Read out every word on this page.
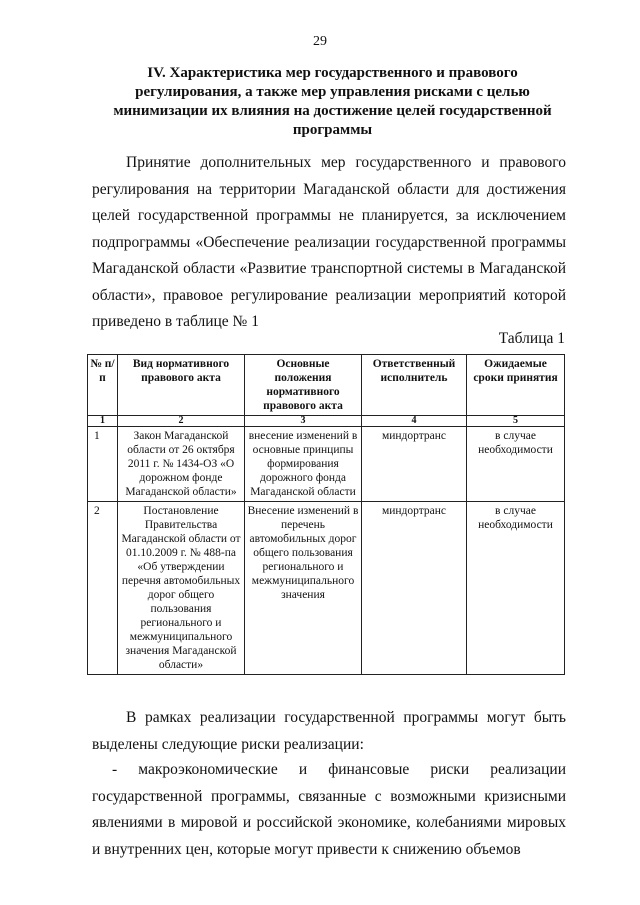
29
IV. Характеристика мер государственного и правового регулирования, а также мер управления рисками с целью минимизации их влияния на достижение целей государственной программы

Принятие дополнительных мер государственного и правового регулирования на территории Магаданской области для достижения целей государственной программы не планируется, за исключением подпрограммы «Обеспечение реализации государственной программы Магаданской области «Развитие транспортной системы в Магаданской области», правовое регулирование реализации мероприятий которой приведено в таблице № 1

Таблица 1
№ п/п	Вид нормативного правового акта	Основные положения нормативного правового акта	Ответственный исполнитель	Ожидаемые сроки принятия
1	2	3	4	5
1	Закон Магаданской области от 26 октября 2011 г. № 1434-ОЗ «О дорожном фонде Магаданской области»	внесение изменений в основные принципы формирования дорожного фонда Магаданской области	миндортранс	в случае необходимости
2	Постановление Правительства Магаданской области от 01.10.2009 г. № 488-па «Об утверждении перечня автомобильных дорог общего пользования регионального и межмуниципального значения Магаданской области»	Внесение изменений в перечень автомобильных дорог общего пользования регионального и межмуниципального значения	миндортранс	в случае необходимости

В рамках реализации государственной программы могут быть выделены следующие риски реализации:

- макроэкономические и финансовые риски реализации государственной программы, связанные с возможными кризисными явлениями в мировой и российской экономике, колебаниями мировых и внутренних цен, которые могут привести к снижению объемов
